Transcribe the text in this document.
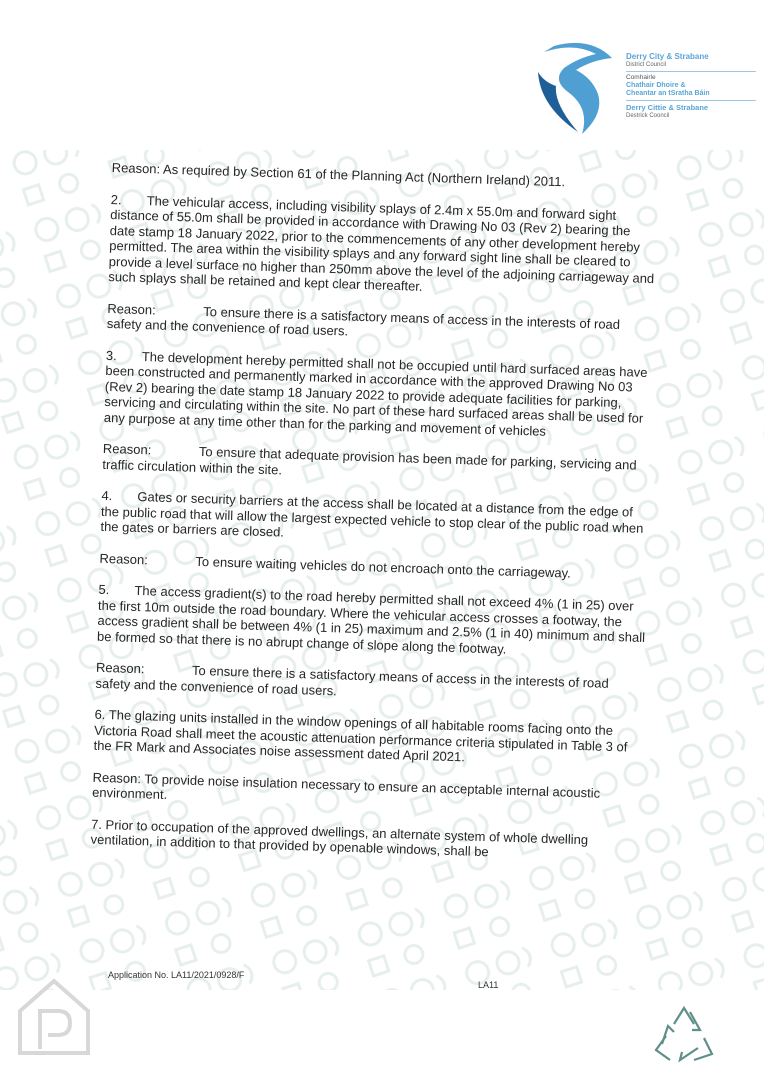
Derry City & Strabane
District Council
Comhairle
Chathair Dhoire &
Cheantar an tSratha Báin
Derry Cittie & Strabane
Destrick Cooncil

Reason: As required by Section 61 of the Planning Act (Northern Ireland) 2011.

2. The vehicular access, including visibility splays of 2.4m x 55.0m and forward sight distance of 55.0m shall be provided in accordance with Drawing No 03 (Rev 2) bearing the date stamp 18 January 2022, prior to the commencements of any other development hereby permitted. The area within the visibility splays and any forward sight line shall be cleared to provide a level surface no higher than 250mm above the level of the adjoining carriageway and such splays shall be retained and kept clear thereafter.

Reason:	To ensure there is a satisfactory means of access in the interests of road safety and the convenience of road users.

3. The development hereby permitted shall not be occupied until hard surfaced areas have been constructed and permanently marked in accordance with the approved Drawing No 03 (Rev 2) bearing the date stamp 18 January 2022 to provide adequate facilities for parking, servicing and circulating within the site. No part of these hard surfaced areas shall be used for any purpose at any time other than for the parking and movement of vehicles

Reason:	To ensure that adequate provision has been made for parking, servicing and traffic circulation within the site.

4. Gates or security barriers at the access shall be located at a distance from the edge of the public road that will allow the largest expected vehicle to stop clear of the public road when the gates or barriers are closed.

Reason:	To ensure waiting vehicles do not encroach onto the carriageway.

5. The access gradient(s) to the road hereby permitted shall not exceed 4% (1 in 25) over the first 10m outside the road boundary. Where the vehicular access crosses a footway, the access gradient shall be between 4% (1 in 25) maximum and 2.5% (1 in 40) minimum and shall be formed so that there is no abrupt change of slope along the footway.

Reason:	To ensure there is a satisfactory means of access in the interests of road safety and the convenience of road users.

6. The glazing units installed in the window openings of all habitable rooms facing onto the Victoria Road shall meet the acoustic attenuation performance criteria stipulated in Table 3 of the FR Mark and Associates noise assessment dated April 2021.

Reason: To provide noise insulation necessary to ensure an acceptable internal acoustic environment.

7. Prior to occupation of the approved dwellings, an alternate system of whole dwelling ventilation, in addition to that provided by openable windows, shall be

Application No. LA11/2021/0928/F
LA11
